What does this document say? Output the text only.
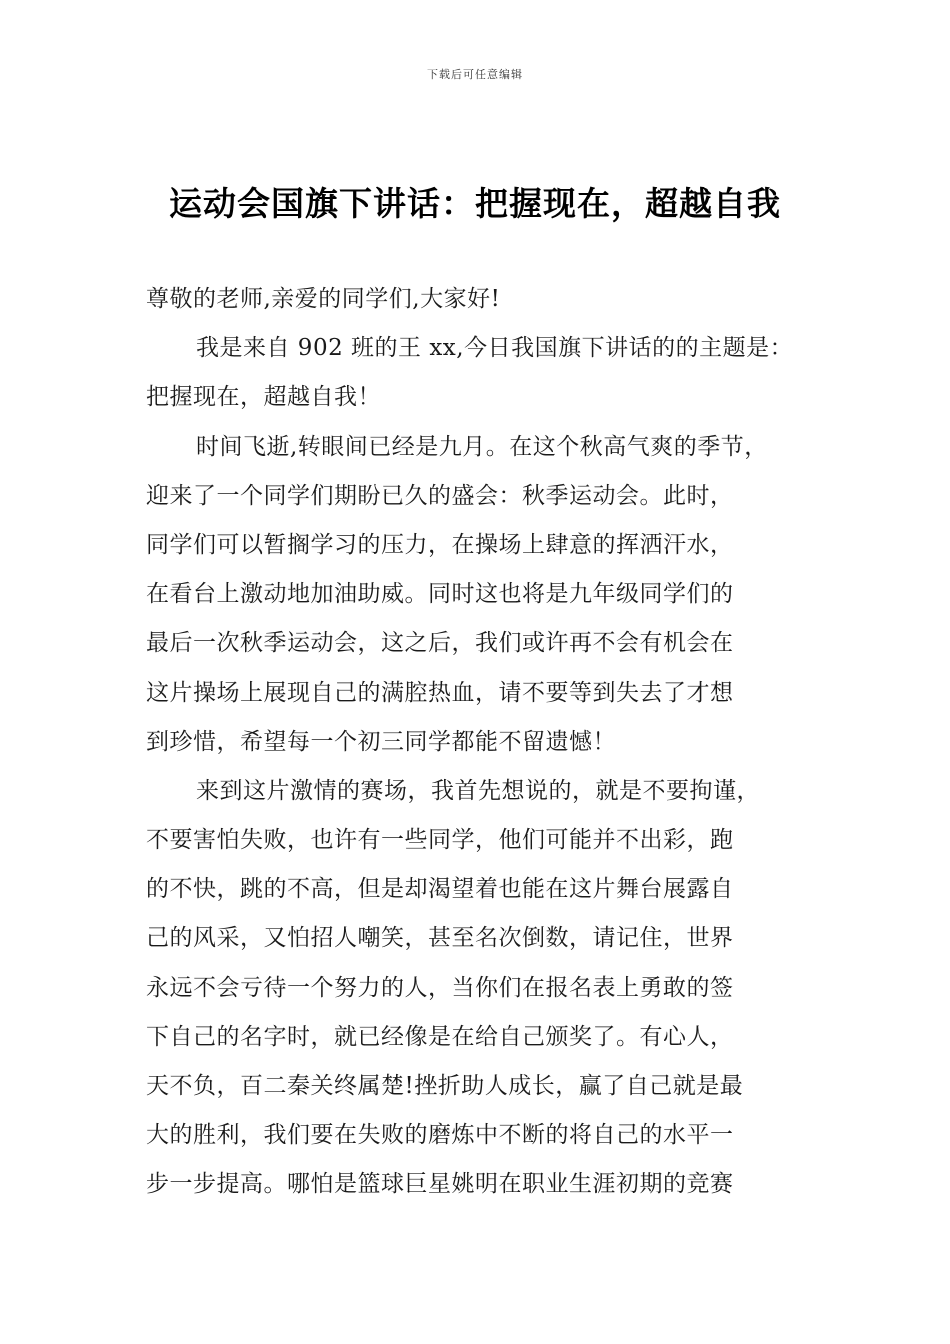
下载后可任意编辑
运动会国旗下讲话：把握现在，超越自我
尊敬的老师,亲爱的同学们,大家好!
我是来自 902 班的王 xx,今日我国旗下讲话的的主题是：
把握现在，超越自我！
时间飞逝,转眼间已经是九月。在这个秋高气爽的季节，
迎来了一个同学们期盼已久的盛会：秋季运动会。此时，
同学们可以暂搁学习的压力，在操场上肆意的挥洒汗水，
在看台上激动地加油助威。同时这也将是九年级同学们的
最后一次秋季运动会，这之后，我们或许再不会有机会在
这片操场上展现自己的满腔热血，请不要等到失去了才想
到珍惜，希望每一个初三同学都能不留遗憾！
来到这片激情的赛场，我首先想说的，就是不要拘谨，
不要害怕失败，也许有一些同学，他们可能并不出彩，跑
的不快，跳的不高，但是却渴望着也能在这片舞台展露自
己的风采，又怕招人嘲笑，甚至名次倒数，请记住，世界
永远不会亏待一个努力的人，当你们在报名表上勇敢的签
下自己的名字时，就已经像是在给自己颁奖了。有心人，
天不负，百二秦关终属楚!挫折助人成长，赢了自己就是最
大的胜利，我们要在失败的磨炼中不断的将自己的水平一
步一步提高。哪怕是篮球巨星姚明在职业生涯初期的竞赛
